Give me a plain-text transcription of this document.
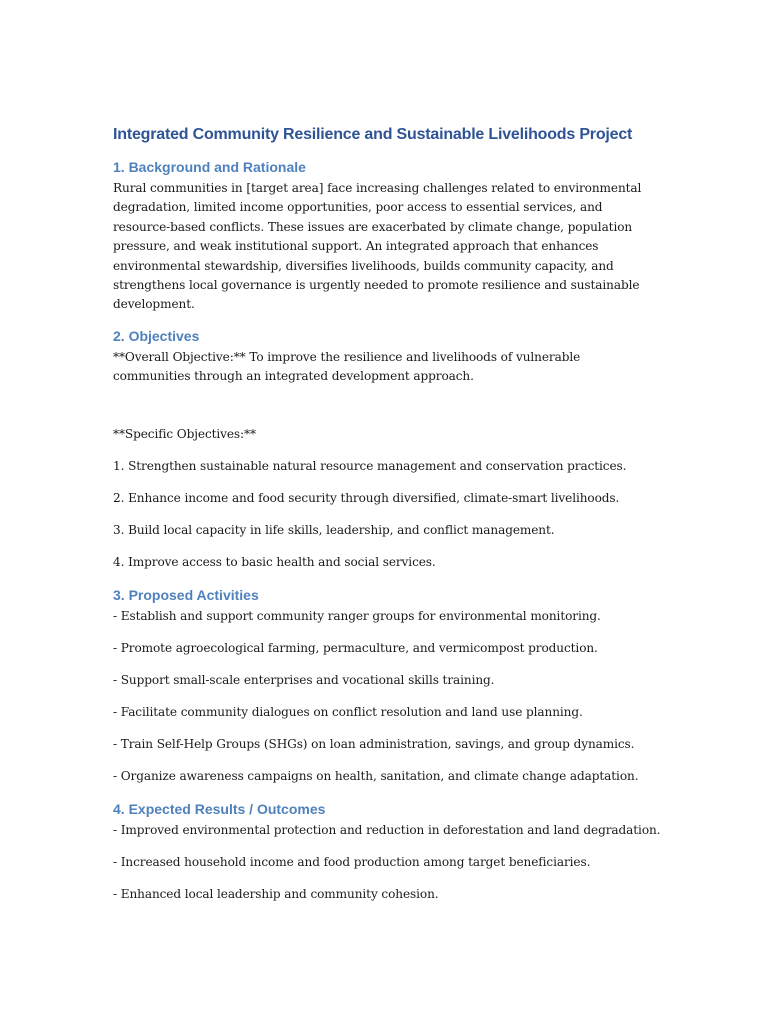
Integrated Community Resilience and Sustainable Livelihoods Project
1. Background and Rationale

Rural communities in [target area] face increasing challenges related to environmental degradation, limited income opportunities, poor access to essential services, and resource-based conflicts. These issues are exacerbated by climate change, population pressure, and weak institutional support. An integrated approach that enhances environmental stewardship, diversifies livelihoods, builds community capacity, and strengthens local governance is urgently needed to promote resilience and sustainable development.

2. Objectives

**Overall Objective:** To improve the resilience and livelihoods of vulnerable communities through an integrated development approach.

**Specific Objectives:**

1. Strengthen sustainable natural resource management and conservation practices.

2. Enhance income and food security through diversified, climate-smart livelihoods.

3. Build local capacity in life skills, leadership, and conflict management.

4. Improve access to basic health and social services.

3. Proposed Activities

- Establish and support community ranger groups for environmental monitoring.

- Promote agroecological farming, permaculture, and vermicompost production.

- Support small-scale enterprises and vocational skills training.

- Facilitate community dialogues on conflict resolution and land use planning.

- Train Self-Help Groups (SHGs) on loan administration, savings, and group dynamics.

- Organize awareness campaigns on health, sanitation, and climate change adaptation.

4. Expected Results / Outcomes

- Improved environmental protection and reduction in deforestation and land degradation.

- Increased household income and food production among target beneficiaries.

- Enhanced local leadership and community cohesion.
